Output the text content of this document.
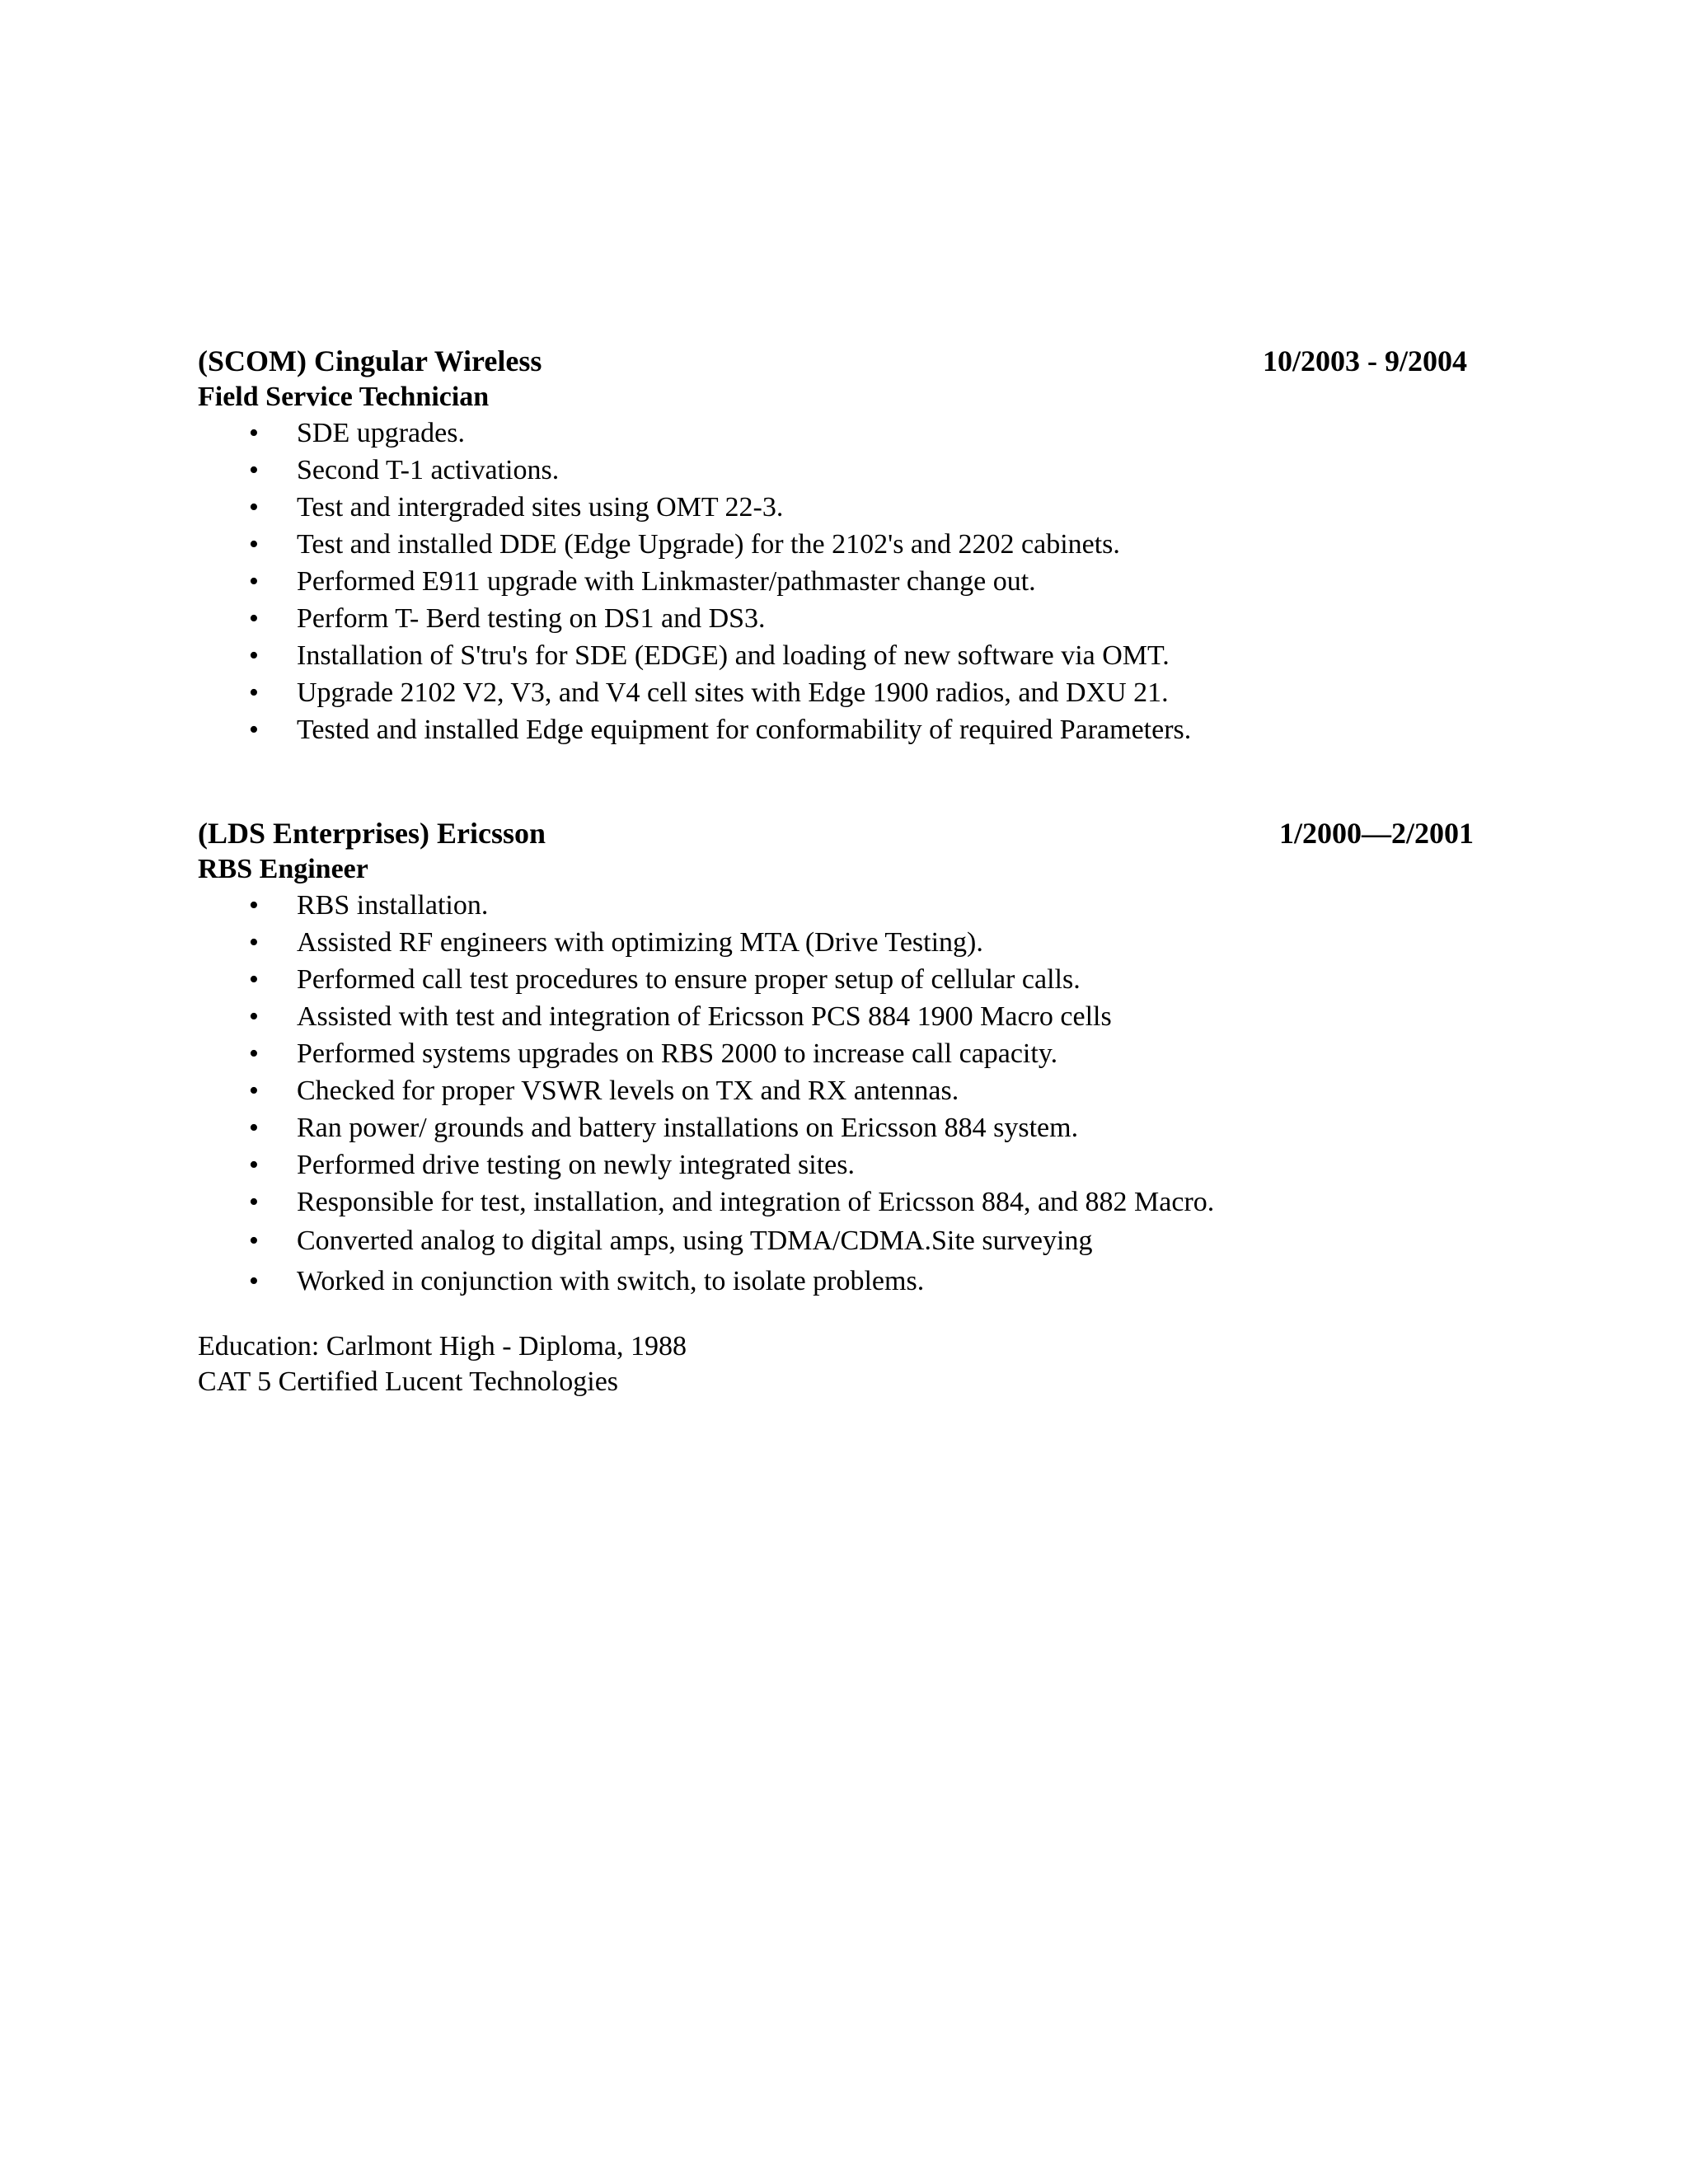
(SCOM) Cingular Wireless	10/2003 - 9/2004
Field Service Technician
• SDE upgrades.
• Second T-1 activations.
• Test and intergraded sites using OMT 22-3.
• Test and installed DDE (Edge Upgrade) for the 2102's and 2202 cabinets.
• Performed E911 upgrade with Linkmaster/pathmaster change out.
• Perform T- Berd testing on DS1 and DS3.
• Installation of S'tru's for SDE (EDGE) and loading of new software via OMT.
• Upgrade 2102 V2, V3, and V4 cell sites with Edge 1900 radios, and DXU 21.
• Tested and installed Edge equipment for conformability of required Parameters.
(LDS Enterprises) Ericsson	1/2000—2/2001
RBS Engineer
• RBS installation.
• Assisted RF engineers with optimizing MTA (Drive Testing).
• Performed call test procedures to ensure proper setup of cellular calls.
• Assisted with test and integration of Ericsson PCS 884 1900 Macro cells
• Performed systems upgrades on RBS 2000 to increase call capacity.
• Checked for proper VSWR levels on TX and RX antennas.
• Ran power/ grounds and battery installations on Ericsson 884 system.
• Performed drive testing on newly integrated sites.
• Responsible for test, installation, and integration of Ericsson 884, and 882 Macro.
• Converted analog to digital amps, using TDMA/CDMA.Site surveying
• Worked in conjunction with switch, to isolate problems.
Education: Carlmont High - Diploma, 1988
CAT 5 Certified Lucent Technologies
